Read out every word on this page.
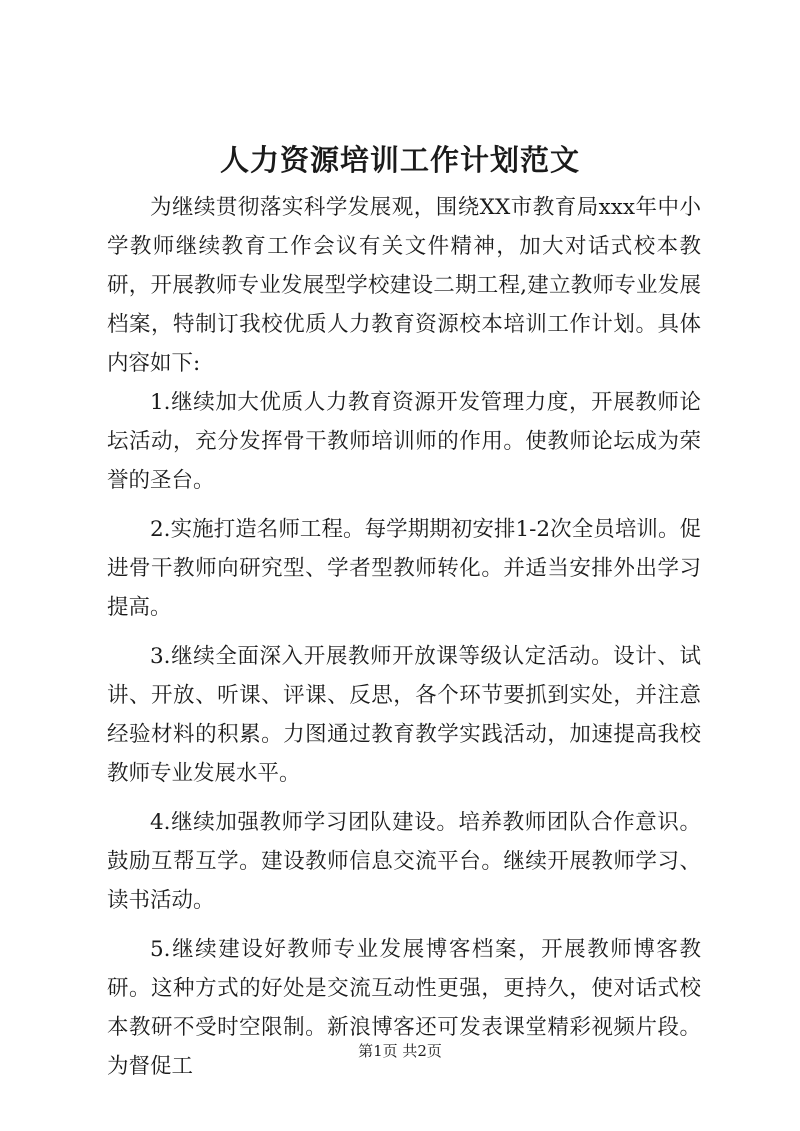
人力资源培训工作计划范文

为继续贯彻落实科学发展观，围绕XX市教育局xxx年中小学教师继续教育工作会议有关文件精神，加大对话式校本教研，开展教师专业发展型学校建设二期工程,建立教师专业发展档案，特制订我校优质人力教育资源校本培训工作计划。具体内容如下:

1.继续加大优质人力教育资源开发管理力度，开展教师论坛活动，充分发挥骨干教师培训师的作用。使教师论坛成为荣誉的圣台。

2.实施打造名师工程。每学期期初安排1-2次全员培训。促进骨干教师向研究型、学者型教师转化。并适当安排外出学习提高。

3.继续全面深入开展教师开放课等级认定活动。设计、试讲、开放、听课、评课、反思，各个环节要抓到实处，并注意经验材料的积累。力图通过教育教学实践活动，加速提高我校教师专业发展水平。

4.继续加强教师学习团队建设。培养教师团队合作意识。鼓励互帮互学。建设教师信息交流平台。继续开展教师学习、读书活动。

5.继续建设好教师专业发展博客档案，开展教师博客教研。这种方式的好处是交流互动性更强，更持久，使对话式校本教研不受时空限制。新浪博客还可发表课堂精彩视频片段。为督促工

第1页 共2页
